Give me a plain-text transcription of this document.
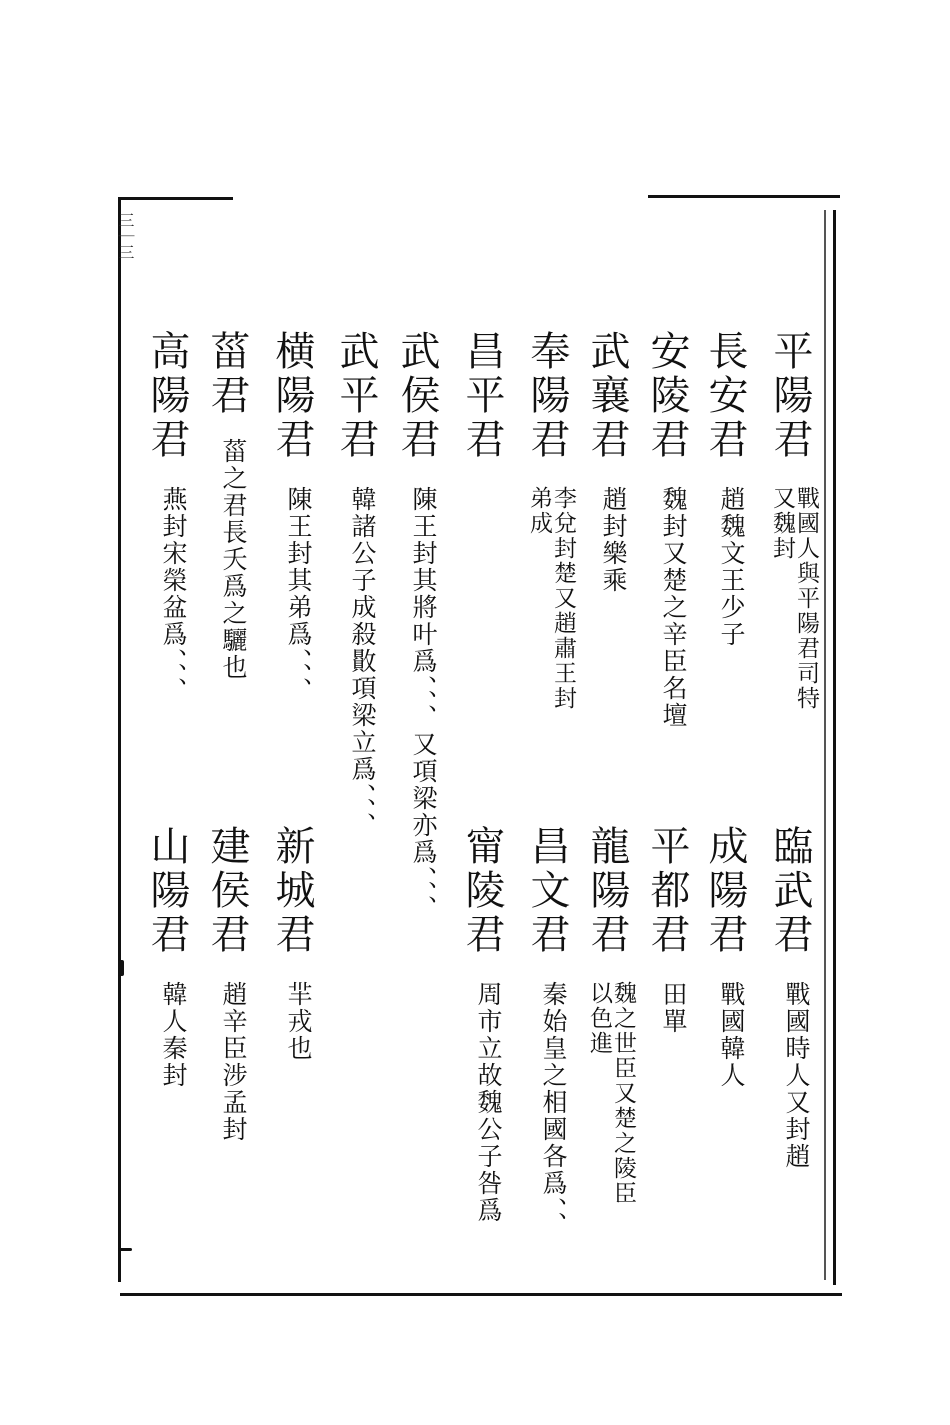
三｜三
平陽君
戰國人與平陽君司特
又魏封
長安君
趙魏文王少子
安陵君
魏封又楚之辛臣名壇
武襄君
趙封樂乘
奉陽君
李兌封楚又趙肅王封
弟成
昌平君
武侯君
陳王封其將叶爲、、、又項梁亦爲、、、
武平君
韓諸公子成殺贁項梁立爲、、、
横陽君
陳王封其弟爲、、、
菑君
菑之君長夭爲之驪也
高陽君
燕封宋榮盆爲、、、
臨武君
戰國時人又封趙
成陽君
戰國韓人
平都君
田單
龍陽君
魏之世臣又楚之陵臣
以色進
昌文君
秦始皇之相國各爲、、
甯陵君
周市立故魏公子咎爲
新城君
羋戎也
建侯君
趙辛臣涉孟封
山陽君
韓人秦封
